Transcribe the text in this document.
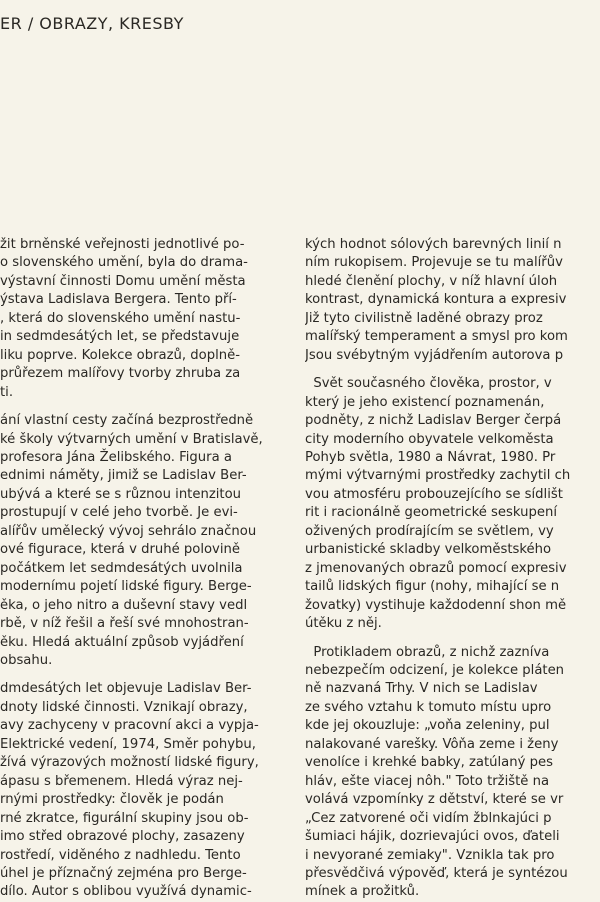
ER / OBRAZY, KRESBY
žit brněnské veřejnosti jednotlivé po-
o slovenského umění, byla do drama-
výstavní činnosti Domu umění města
ýstava Ladislava Bergera. Tento pří-
, která do slovenského umění nastu-
in sedmdesátých let, se představuje
liku poprve. Kolekce obrazů, doplně-
průřezem malířovy tvorby zhruba za
ti.
ání vlastní cesty začíná bezprostředně
ké školy výtvarných umění v Bratislavě,
profesora Jána Želibského. Figura a
ednimi náměty, jimiž se Ladislav Ber-
ubývá a které se s různou intenzitou
prostupují v celé jeho tvorbě. Je evi-
alířův umělecký vývoj sehrálo značnou
ové figurace, která v druhé polovině
počátkem let sedmdesátých uvolnila
modernímu pojetí lidské figury. Berge-
ěka, o jeho nitro a duševní stavy vedl
rbě, v níž řešil a řeší své mnohostran-
ěku. Hledá aktuální způsob vyjádření
obsahu.
dmdesátých let objevuje Ladislav Ber-
dnoty lidské činnosti. Vznikají obrazy,
avy zachyceny v pracovní akci a vypja-
Elektrické vedení, 1974, Směr pohybu,
žívá výrazových možností lidské figury,
ápasu s břemenem. Hledá výraz nej-
rnými prostředky: člověk je podán
rné zkratce, figurální skupiny jsou ob-
imo střed obrazové plochy, zasazeny
rostředí, viděného z nadhledu. Tento
úhel je příznačný zejména pro Berge-
dílo. Autor s oblibou využívá dynamic-
kých hodnot sólových barevných linií n
ním rukopisem. Projevuje se tu malířův
hledé členění plochy, v níž hlavní úloh
kontrast, dynamická kontura a expresiv
Již tyto civilistně laděné obrazy proz
malířský temperament a smysl pro kom
Jsou svébytným vyjádřením autorova p
Svět současného člověka, prostor, v
který je jeho existencí poznamenán,
podněty, z nichž Ladislav Berger čerpá
city moderního obyvatele velkoměsta
Pohyb světla, 1980 a Návrat, 1980. Pr
mými výtvarnými prostředky zachytil ch
vou atmosféru probouzejícího se sídlišt
rit i racionálně geometrické seskupení
oživených prodírajícím se světlem, vy
urbanistické skladby velkoměstského
z jmenovaných obrazů pomocí expresiv
tailů lidských figur (nohy, mihající se n
žovatky) vystihuje každodenní shon mě
útěku z něj.
Protikladem obrazů, z nichž zazníva
nebezpečím odcizení, je kolekce pláten
ně nazvaná Trhy. V nich se Ladislav
ze svého vztahu k tomuto místu upro
kde jej okouzluje: „voňa zeleniny, pul
nalakované varešky. Vôňa zeme i ženy
venolíce i krehké babky, zatúlaný pes
hláv, ešte viacej nôh." Toto tržiště na
volává vzpomínky z dětství, které se vr
„Cez zatvorené oči vidím žblnkajúci p
šumiaci hájik, dozrievajúci ovos, ďateli
i nevyorané zemiaky". Vznikla tak pro
přesvědčivá výpověď, která je syntézou
mínek a prožitků.
